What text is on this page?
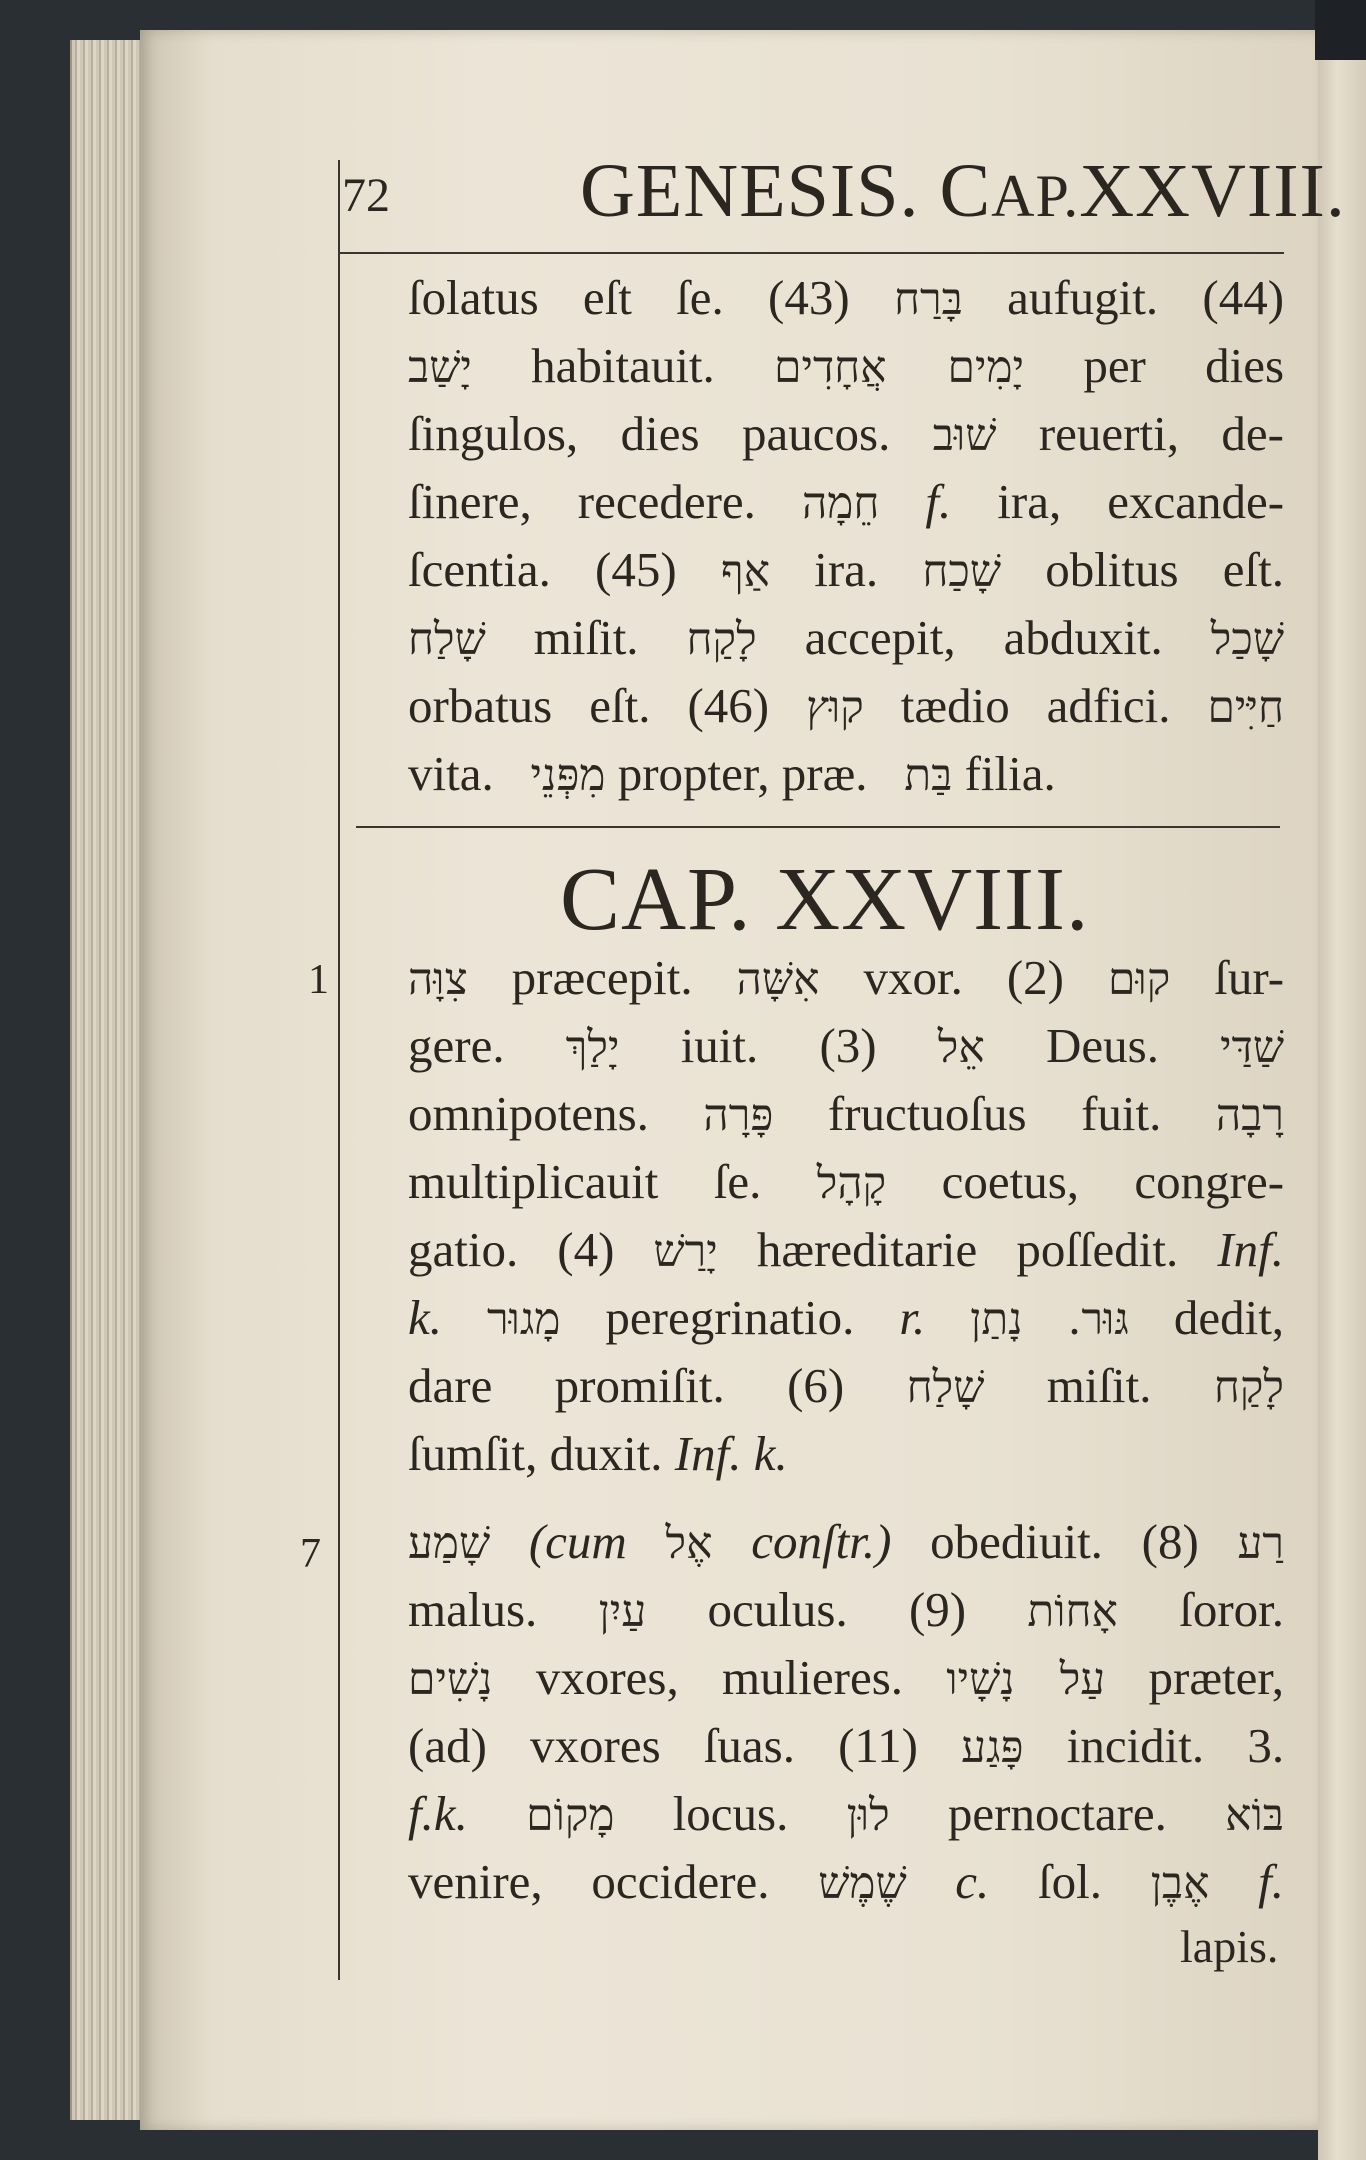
72	GENESIS. CAP.XXVIII.
ſolatus eſt ſe. (43) בָּרַח aufugit. (44)
יָשַׁב habitauit. יָמִים אֲחָדִים per dies
ſingulos, dies paucos. שׁוּב reuerti, de-
ſinere, recedere. חֵמָה f. ira, excande-
ſcentia. (45) אַף ira. שָׁכַח oblitus eſt.
שָׁלַח miſit. לָקַח accepit, abduxit. שָׁכַל
orbatus eſt. (46) קוּץ tædio adfici. חַיִּים
vita. מִפְּנֵי propter, præ. בַּת filia.
CAP. XXVIII.
1
7
צִוָּה præcepit. אִשָּׁה vxor. (2) קוּם ſur-
gere. יָלַךְ iuit. (3) אֵל Deus. שַׁדַּי
omnipotens. פָּרָה fructuoſus fuit. רָבָה
multiplicauit ſe. קָהָל coetus, congre-
gatio. (4) יָרַשׁ hæreditarie poſſedit. Inf.
k. מָגוּר peregrinatio. r.	גּוּר. נָתַן	dedit,
dare promiſit. (6) שָׁלַח miſit. לָקַח
ſumſit, duxit. Inf. k.
שָׁמַע (cum אֶל conſtr.) obediuit. (8) רַע
malus. עַיִן oculus. (9) אָחוֹת ſoror.
נָשִׁים vxores, mulieres. עַל נָשָׁיו præter,
(ad) vxores ſuas. (11) פָּגַע incidit. 3.
f.k. מָקוֹם locus. לוּן pernoctare. בּוֹא
venire, occidere. שֶׁמֶשׁ c. ſol. אֶבֶן f.
lapis.
